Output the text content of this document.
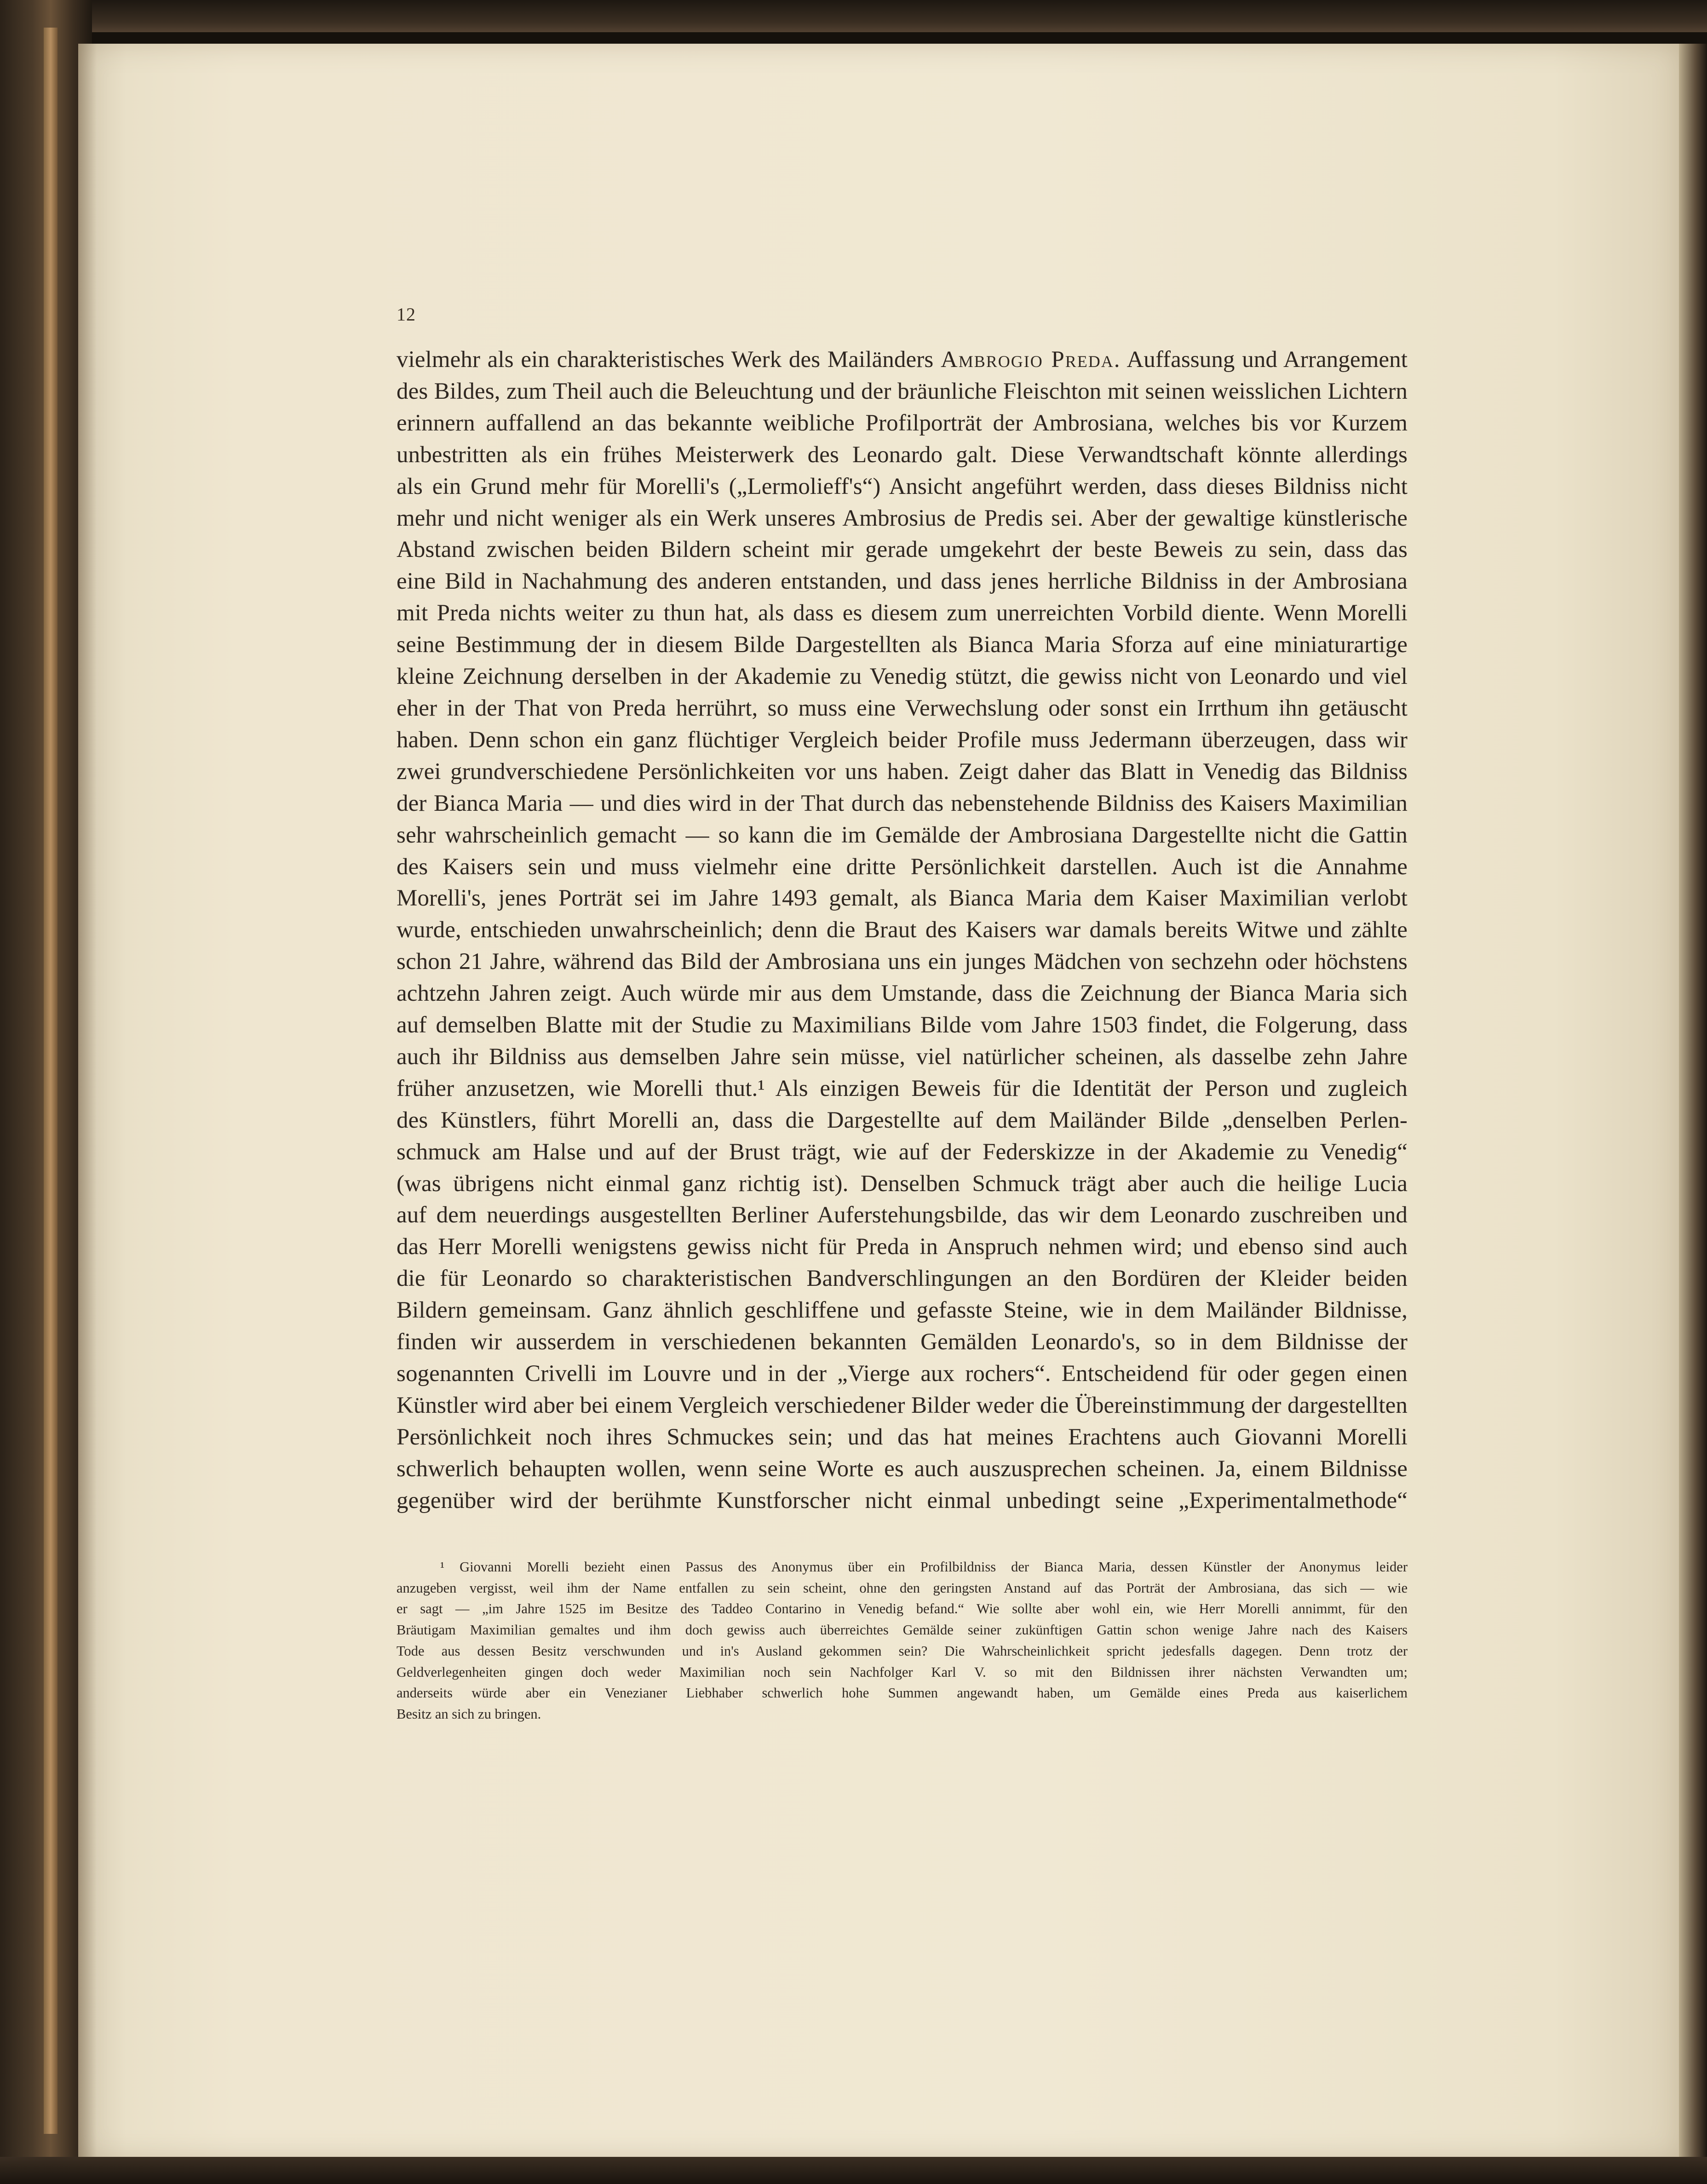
12

vielmehr als ein charakteristisches Werk des Mailänders Ambrogio Preda. Auffassung und Arrangement

des Bildes, zum Theil auch die Beleuchtung und der bräunliche Fleischton mit seinen weisslichen Lichtern

erinnern auffallend an das bekannte weibliche Profilporträt der Ambrosiana, welches bis vor Kurzem

unbestritten als ein frühes Meisterwerk des Leonardo galt. Diese Verwandtschaft könnte allerdings

als ein Grund mehr für Morelli's („Lermolieff's“) Ansicht angeführt werden, dass dieses Bildniss nicht

mehr und nicht weniger als ein Werk unseres Ambrosius de Predis sei. Aber der gewaltige künstlerische

Abstand zwischen beiden Bildern scheint mir gerade umgekehrt der beste Beweis zu sein, dass das

eine Bild in Nachahmung des anderen entstanden, und dass jenes herrliche Bildniss in der Ambrosiana

mit Preda nichts weiter zu thun hat, als dass es diesem zum unerreichten Vorbild diente. Wenn Morelli

seine Bestimmung der in diesem Bilde Dargestellten als Bianca Maria Sforza auf eine miniaturartige

kleine Zeichnung derselben in der Akademie zu Venedig stützt, die gewiss nicht von Leonardo und viel

eher in der That von Preda herrührt, so muss eine Verwechslung oder sonst ein Irrthum ihn getäuscht

haben. Denn schon ein ganz flüchtiger Vergleich beider Profile muss Jedermann überzeugen, dass wir

zwei grundverschiedene Persönlichkeiten vor uns haben. Zeigt daher das Blatt in Venedig das Bildniss

der Bianca Maria — und dies wird in der That durch das nebenstehende Bildniss des Kaisers Maximilian

sehr wahrscheinlich gemacht — so kann die im Gemälde der Ambrosiana Dargestellte nicht die Gattin

des Kaisers sein und muss vielmehr eine dritte Persönlichkeit darstellen. Auch ist die Annahme

Morelli's, jenes Porträt sei im Jahre 1493 gemalt, als Bianca Maria dem Kaiser Maximilian verlobt

wurde, entschieden unwahrscheinlich; denn die Braut des Kaisers war damals bereits Witwe und zählte

schon 21 Jahre, während das Bild der Ambrosiana uns ein junges Mädchen von sechzehn oder höchstens

achtzehn Jahren zeigt. Auch würde mir aus dem Umstande, dass die Zeichnung der Bianca Maria sich

auf demselben Blatte mit der Studie zu Maximilians Bilde vom Jahre 1503 findet, die Folgerung, dass

auch ihr Bildniss aus demselben Jahre sein müsse, viel natürlicher scheinen, als dasselbe zehn Jahre

früher anzusetzen, wie Morelli thut.¹ Als einzigen Beweis für die Identität der Person und zugleich

des Künstlers, führt Morelli an, dass die Dargestellte auf dem Mailänder Bilde „denselben Perlen-

schmuck am Halse und auf der Brust trägt, wie auf der Federskizze in der Akademie zu Venedig“

(was übrigens nicht einmal ganz richtig ist). Denselben Schmuck trägt aber auch die heilige Lucia

auf dem neuerdings ausgestellten Berliner Auferstehungsbilde, das wir dem Leonardo zuschreiben und

das Herr Morelli wenigstens gewiss nicht für Preda in Anspruch nehmen wird; und ebenso sind auch

die für Leonardo so charakteristischen Bandverschlingungen an den Bordüren der Kleider beiden

Bildern gemeinsam. Ganz ähnlich geschliffene und gefasste Steine, wie in dem Mailänder Bildnisse,

finden wir ausserdem in verschiedenen bekannten Gemälden Leonardo's, so in dem Bildnisse der

sogenannten Crivelli im Louvre und in der „Vierge aux rochers“. Entscheidend für oder gegen einen

Künstler wird aber bei einem Vergleich verschiedener Bilder weder die Übereinstimmung der dargestellten

Persönlichkeit noch ihres Schmuckes sein; und das hat meines Erachtens auch Giovanni Morelli

schwerlich behaupten wollen, wenn seine Worte es auch auszusprechen scheinen. Ja, einem Bildnisse

gegenüber wird der berühmte Kunstforscher nicht einmal unbedingt seine „Experimentalmethode“

¹ Giovanni Morelli bezieht einen Passus des Anonymus über ein Profilbildniss der Bianca Maria, dessen Künstler der Anonymus leider

anzugeben vergisst, weil ihm der Name entfallen zu sein scheint, ohne den geringsten Anstand auf das Porträt der Ambrosiana, das sich — wie

er sagt — „im Jahre 1525 im Besitze des Taddeo Contarino in Venedig befand.“ Wie sollte aber wohl ein, wie Herr Morelli annimmt, für den

Bräutigam Maximilian gemaltes und ihm doch gewiss auch überreichtes Gemälde seiner zukünftigen Gattin schon wenige Jahre nach des Kaisers

Tode aus dessen Besitz verschwunden und in's Ausland gekommen sein? Die Wahrscheinlichkeit spricht jedesfalls dagegen. Denn trotz der

Geldverlegenheiten gingen doch weder Maximilian noch sein Nachfolger Karl V. so mit den Bildnissen ihrer nächsten Verwandten um;

anderseits würde aber ein Venezianer Liebhaber schwerlich hohe Summen angewandt haben, um Gemälde eines Preda aus kaiserlichem

Besitz an sich zu bringen.
